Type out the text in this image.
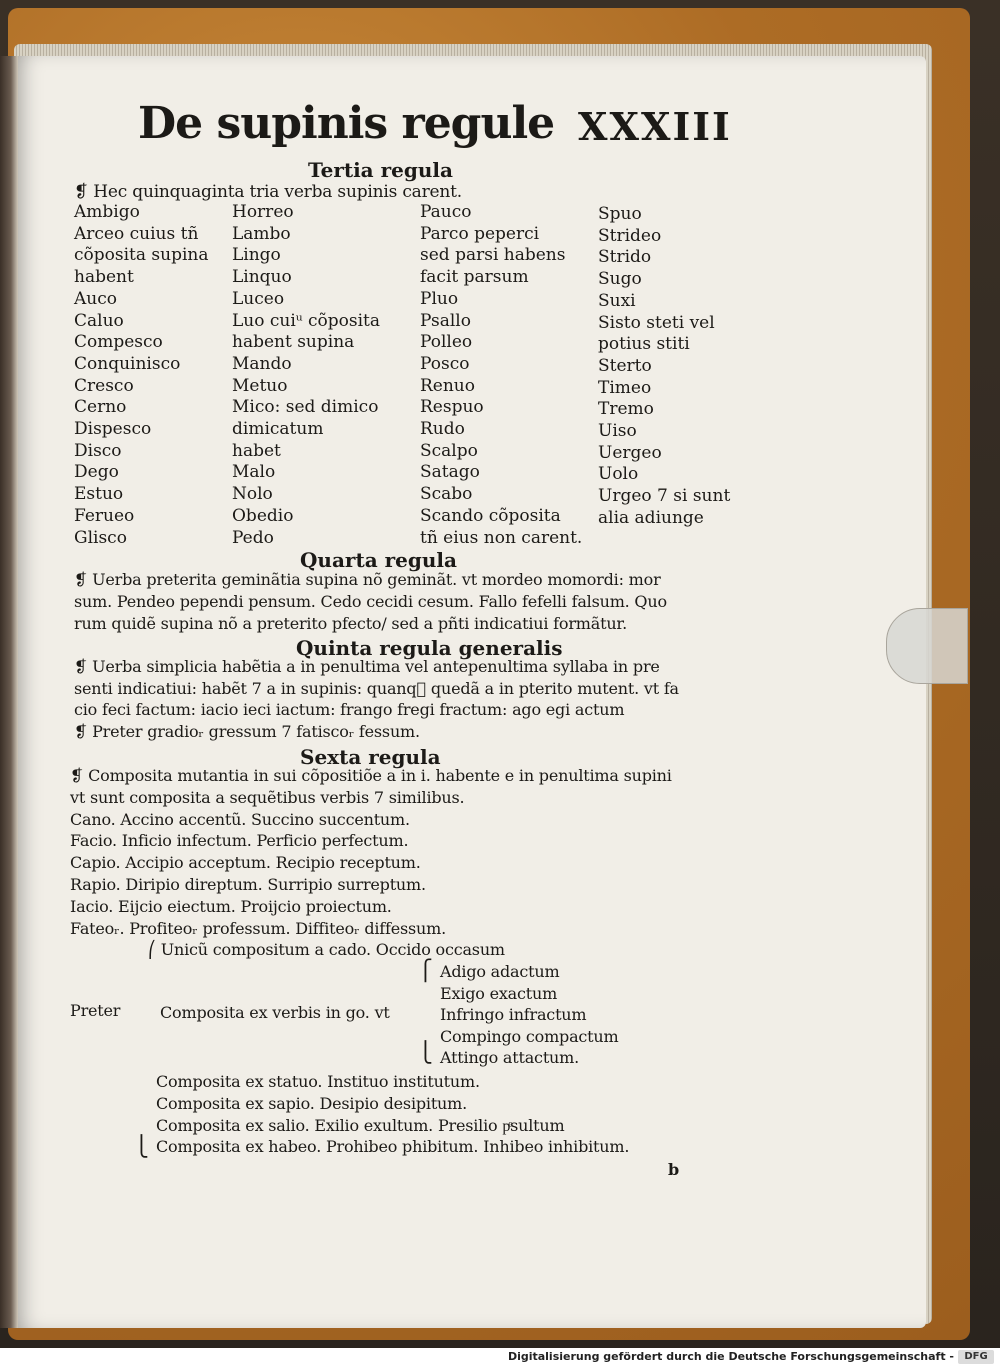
De supinis regule XXXIII
Tertia regula
❡ Hec quinquaginta tria verba supinis carent.
Quarta regula
Quinta regula generalis
Sexta regula
⎛ Unicũ compositum a cado. Occido occasum
Preter Composita ex verbis in go. vt
⎧
⎩
⎩
b
Ambigo
Arceo cuius tñ
cõposita supina
habent
Auco
Caluo
Compesco
Conquinisco
Cresco
Cerno
Dispesco
Disco
Dego
Estuo
Ferueo
Glisco
Horreo
Lambo
Lingo
Linquo
Luceo
Luo cuiᵘ cõposita
habent supina
Mando
Metuo
Mico: sed dimico
dimicatum
habet
Malo
Nolo
Obedio
Pedo
Pauco
Parco peperci
sed parsi habens
facit parsum
Pluo
Psallo
Polleo
Posco
Renuo
Respuo
Rudo
Scalpo
Satago
Scabo
Scando cõposita
tñ eius non carent.
Spuo
Strideo
Strido
Sugo
Suxi
Sisto steti vel
potius stiti
Sterto
Timeo
Tremo
Uiso
Uergeo
Uolo
Urgeo 7 si sunt
alia adiunge
❡ Uerba preterita geminãtia supina nõ geminãt. vt mordeo momordi: mor
sum. Pendeo pependi pensum. Cedo cecidi cesum. Fallo fefelli falsum. Quo
rum quidẽ supina nõ a preterito pfecto/ sed a pñti indicatiui formãtur.
❡ Uerba simplicia habẽtia a in penultima vel antepenultima syllaba in pre
senti indicatiui: habẽt 7 a in supinis: quanq᷑ quedã a in pterito mutent. vt fa
cio feci factum: iacio ieci iactum: frango fregi fractum: ago egi actum
❡ Preter gradioᵣ gressum 7 fatiscoᵣ fessum.
❡ Composita mutantia in sui cõpositiõe a in i. habente e in penultima supini
vt sunt composita a sequẽtibus verbis 7 similibus.
Cano. Accino accentũ. Succino succentum.
Facio. Inficio infectum. Perficio perfectum.
Capio. Accipio acceptum. Recipio receptum.
Rapio. Diripio direptum. Surripio surreptum.
Iacio. Eijcio eiectum. Proijcio proiectum.
Fateoᵣ. Profiteoᵣ professum. Diffiteoᵣ diffessum.
Adigo adactum
Exigo exactum
Infringo infractum
Compingo compactum
Attingo attactum.
Composita ex statuo. Instituo institutum.
Composita ex sapio. Desipio desipitum.
Composita ex salio. Exilio exultum. Presilio pͤsultum
Composita ex habeo. Prohibeo phibitum. Inhibeo inhibitum.
Digitalisierung gefördert durch die Deutsche Forschungsgemeinschaft -	DFG
